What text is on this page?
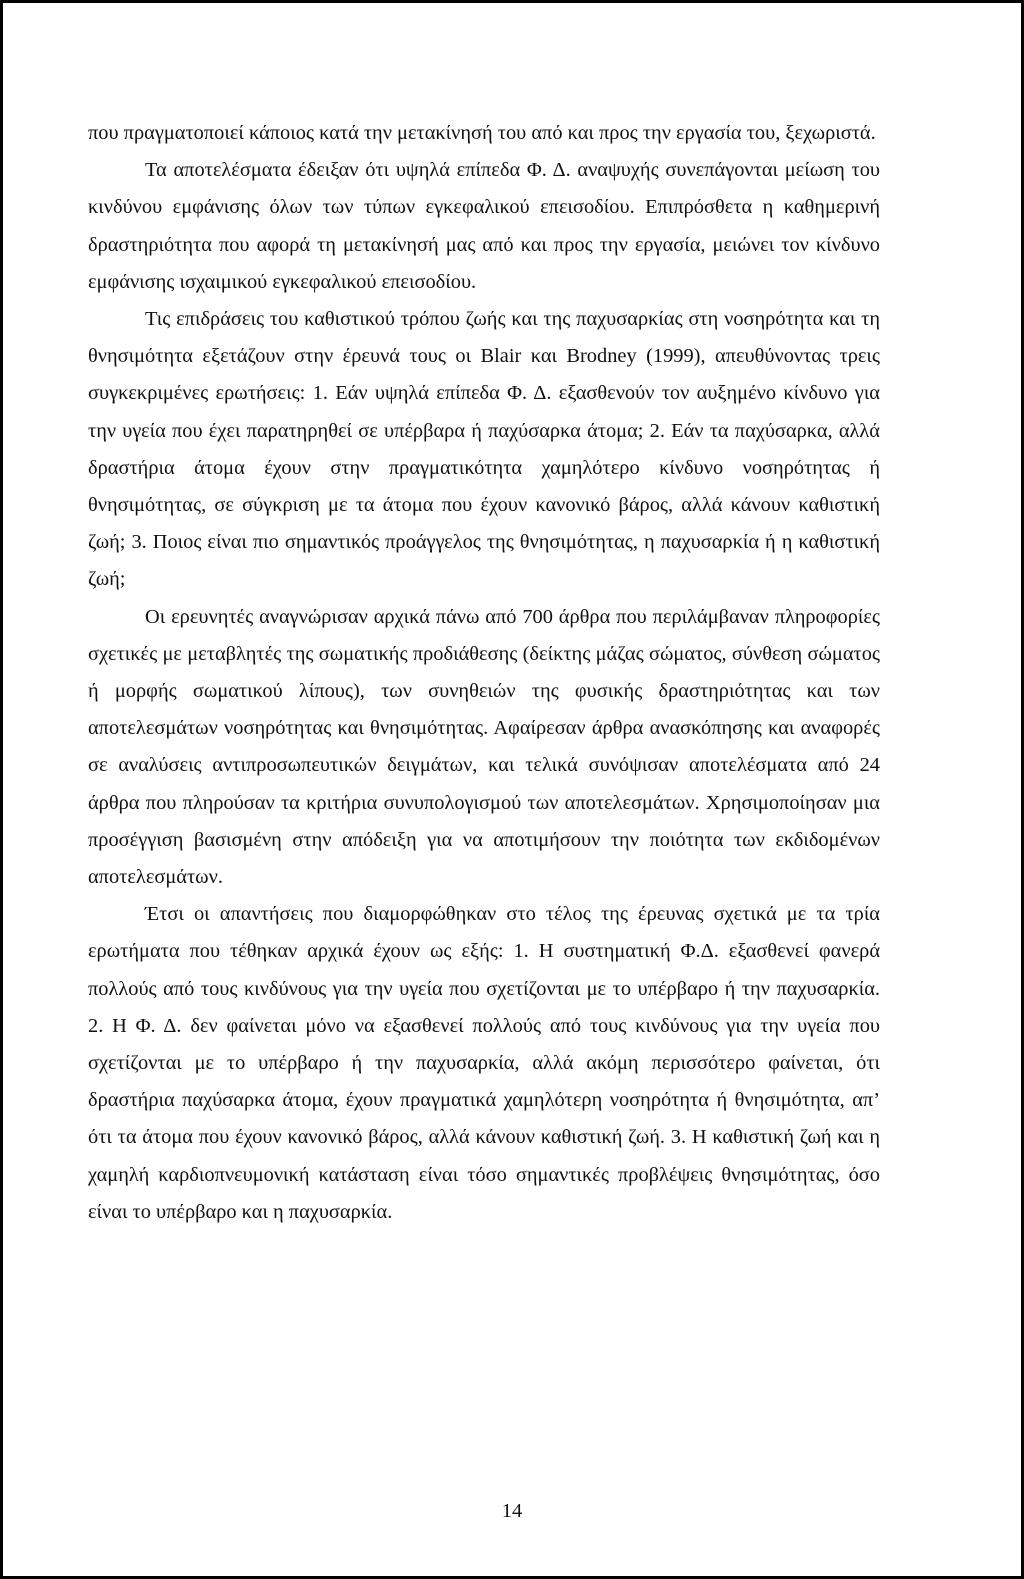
που πραγματοποιεί κάποιος κατά την μετακίνησή του από και προς την εργασία του, ξεχωριστά.

Τα αποτελέσματα έδειξαν ότι υψηλά επίπεδα Φ. Δ. αναψυχής συνεπάγονται μείωση του κινδύνου εμφάνισης όλων των τύπων εγκεφαλικού επεισοδίου. Επιπρόσθετα η καθημερινή δραστηριότητα που αφορά τη μετακίνησή μας από και προς την εργασία, μειώνει τον κίνδυνο εμφάνισης ισχαιμικού εγκεφαλικού επεισοδίου.

Τις επιδράσεις του καθιστικού τρόπου ζωής και της παχυσαρκίας στη νοσηρότητα και τη θνησιμότητα εξετάζουν στην έρευνά τους οι Blair και Brodney (1999), απευθύνοντας τρεις συγκεκριμένες ερωτήσεις: 1. Εάν υψηλά επίπεδα Φ. Δ. εξασθενούν τον αυξημένο κίνδυνο για την υγεία που έχει παρατηρηθεί σε υπέρβαρα ή παχύσαρκα άτομα; 2. Εάν τα παχύσαρκα, αλλά δραστήρια άτομα έχουν στην πραγματικότητα χαμηλότερο κίνδυνο νοσηρότητας ή θνησιμότητας, σε σύγκριση με τα άτομα που έχουν κανονικό βάρος, αλλά κάνουν καθιστική ζωή; 3. Ποιος είναι πιο σημαντικός προάγγελος της θνησιμότητας, η παχυσαρκία ή η καθιστική ζωή;

Οι ερευνητές αναγνώρισαν αρχικά πάνω από 700 άρθρα που περιλάμβαναν πληροφορίες σχετικές με μεταβλητές της σωματικής προδιάθεσης (δείκτης μάζας σώματος, σύνθεση σώματος ή μορφής σωματικού λίπους), των συνηθειών της φυσικής δραστηριότητας και των αποτελεσμάτων νοσηρότητας και θνησιμότητας. Αφαίρεσαν άρθρα ανασκόπησης και αναφορές σε αναλύσεις αντιπροσωπευτικών δειγμάτων, και τελικά συνόψισαν αποτελέσματα από 24 άρθρα που πληρούσαν τα κριτήρια συνυπολογισμού των αποτελεσμάτων. Χρησιμοποίησαν μια προσέγγιση βασισμένη στην απόδειξη για να αποτιμήσουν την ποιότητα των εκδιδομένων αποτελεσμάτων.

Έτσι οι απαντήσεις που διαμορφώθηκαν στο τέλος της έρευνας σχετικά με τα τρία ερωτήματα που τέθηκαν αρχικά έχουν ως εξής: 1. Η συστηματική Φ.Δ. εξασθενεί φανερά πολλούς από τους κινδύνους για την υγεία που σχετίζονται με το υπέρβαρο ή την παχυσαρκία. 2. Η Φ. Δ. δεν φαίνεται μόνο να εξασθενεί πολλούς από τους κινδύνους για την υγεία που σχετίζονται με το υπέρβαρο ή την παχυσαρκία, αλλά ακόμη περισσότερο φαίνεται, ότι δραστήρια παχύσαρκα άτομα, έχουν πραγματικά χαμηλότερη νοσηρότητα ή θνησιμότητα, απ’ ότι τα άτομα που έχουν κανονικό βάρος, αλλά κάνουν καθιστική ζωή. 3. Η καθιστική ζωή και η χαμηλή καρδιοπνευμονική κατάσταση είναι τόσο σημαντικές προβλέψεις θνησιμότητας, όσο είναι το υπέρβαρο και η παχυσαρκία.

14
